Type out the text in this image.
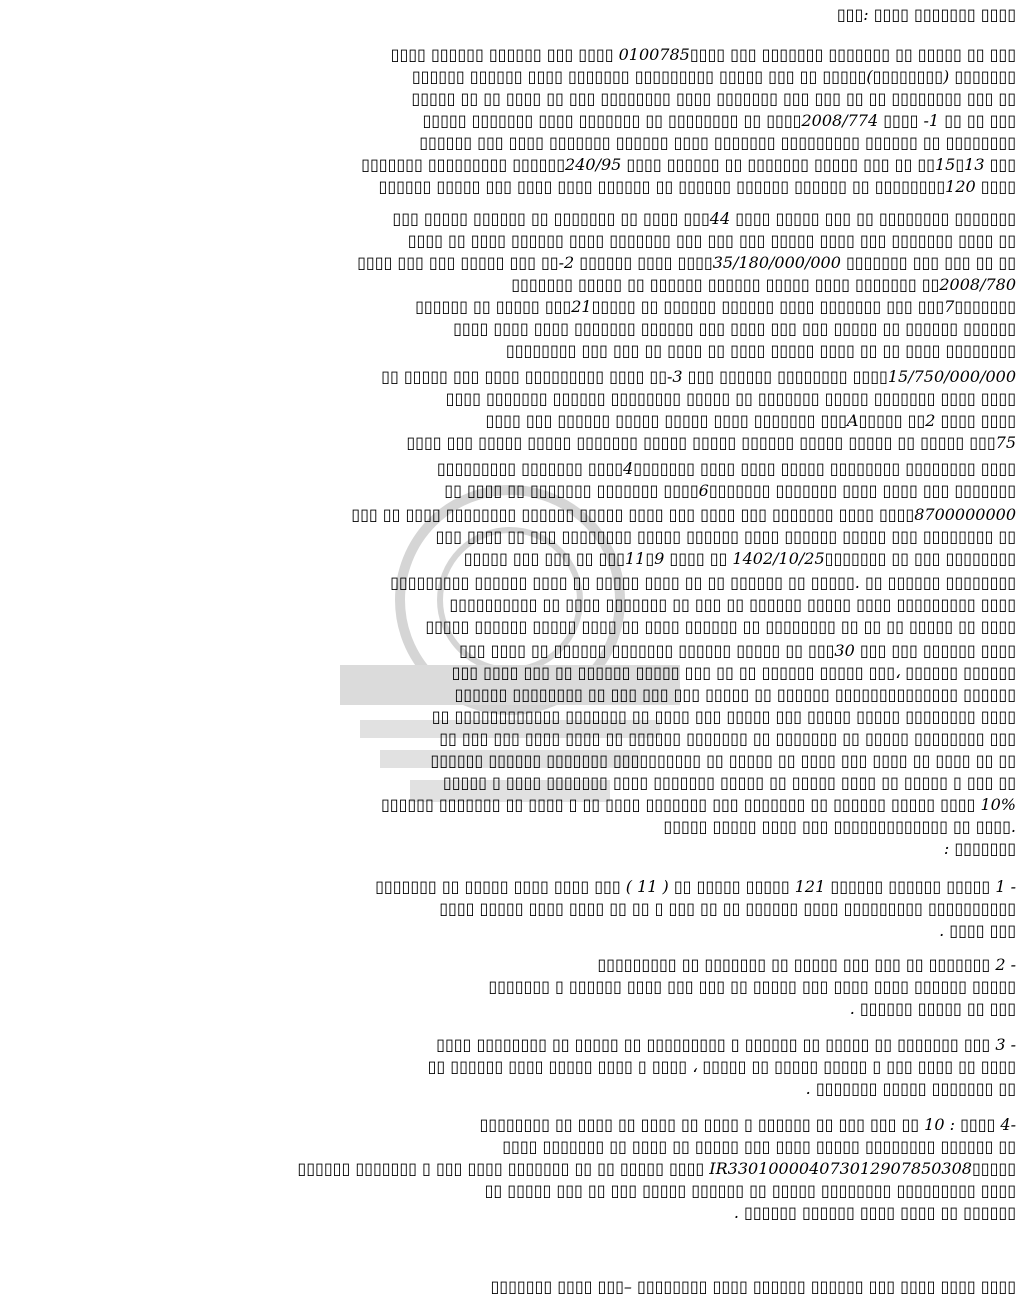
▯▯▯: ▯▯▯▯ ▯▯▯▯▯▯▯ ▯▯▯▯
▯▯▯▯ ▯▯▯▯▯▯ ▯▯▯▯▯▯ ▯▯▯ ▯▯▯▯ 0100785▯▯▯▯ ▯▯▯ ▯▯▯▯▯▯▯ ▯▯▯▯▯▯▯ ▯▯ ▯▯▯▯▯ ▯▯ ▯▯▯
▯▯▯▯▯▯ ▯▯▯▯▯▯ ▯▯▯▯ ▯▯▯▯▯▯▯ ▯▯▯▯▯▯▯▯▯ ▯▯▯▯▯ ▯▯▯ ▯▯ ▯▯▯▯▯(▯▯▯▯▯▯▯▯) ▯▯▯▯▯▯▯
▯▯▯▯▯ ▯▯ ▯▯ ▯▯▯▯ ▯▯ ▯▯▯ ▯▯▯▯▯▯▯▯ ▯▯▯▯ ▯▯▯▯▯▯▯ ▯▯▯ ▯▯▯ ▯▯ ▯▯ ▯▯▯▯▯▯▯▯ ▯▯▯ ▯▯
▯▯▯▯▯ ▯▯▯▯▯▯▯ ▯▯▯▯ ▯▯▯▯▯▯▯ ▯▯ ▯▯▯▯▯▯▯▯ ▯▯ ▯▯▯▯2008/774 ▯▯▯▯ -1 ▯▯ ▯▯ ▯▯▯
▯▯▯▯▯▯ ▯▯▯ ▯▯▯▯ ▯▯▯▯▯▯▯ ▯▯▯▯▯▯ ▯▯▯▯ ▯▯▯▯▯▯▯ ▯▯▯▯▯▯▯▯▯ ▯▯▯▯▯▯ ▯▯ ▯▯▯▯▯▯▯▯
▯▯▯▯▯▯▯ ▯▯▯▯▯▯▯▯▯ ▯▯▯▯▯▯240/95 ▯▯▯▯ ▯▯▯▯▯▯ ▯▯ ▯▯▯▯▯▯▯ ▯▯▯▯▯ ▯▯▯ ▯▯ ▯▯15▯13 ▯▯▯
▯▯▯▯▯▯ ▯▯▯▯▯ ▯▯▯ ▯▯▯▯ ▯▯▯▯ ▯▯▯▯▯▯ ▯▯ ▯▯▯▯▯▯ ▯▯▯▯▯▯ ▯▯▯▯▯▯ ▯▯ ▯▯▯▯▯▯▯▯120 ▯▯▯▯
▯▯▯ ▯▯▯▯▯ ▯▯▯▯▯▯ ▯▯ ▯▯▯▯▯▯▯ ▯▯ ▯▯▯▯ ▯▯▯44 ▯▯▯▯ ▯▯▯▯▯ ▯▯▯ ▯▯ ▯▯▯▯▯▯▯▯ ▯▯▯▯▯▯▯
▯▯▯▯ ▯▯ ▯▯▯▯ ▯▯▯▯▯▯ ▯▯▯▯ ▯▯▯▯▯▯▯ ▯▯▯ ▯▯▯ ▯▯▯ ▯▯▯▯▯ ▯▯▯▯ ▯▯▯ ▯▯▯▯▯▯▯ ▯▯▯▯ ▯▯
▯▯▯▯ ▯▯▯ ▯▯▯ ▯▯▯▯▯ ▯▯▯ ▯▯-2 ▯▯▯▯▯▯ ▯▯▯▯ ▯▯▯▯35/180/000/000 ▯▯▯▯▯▯▯ ▯▯▯ ▯▯▯ ▯▯ ▯▯
▯▯▯▯▯▯▯ ▯▯▯▯▯ ▯▯ ▯▯▯▯▯▯ ▯▯▯▯▯▯ ▯▯▯▯▯ ▯▯▯▯ ▯▯▯▯▯▯▯ ▯▯2008/780
▯▯▯▯▯▯ ▯▯ ▯▯▯▯▯ ▯▯▯21▯▯▯▯▯ ▯▯ ▯▯▯▯▯▯ ▯▯▯▯▯▯ ▯▯▯▯ ▯▯▯▯▯▯▯ ▯▯▯ ▯▯▯7▯▯▯▯▯▯▯
▯▯▯▯ ▯▯▯▯ ▯▯▯▯ ▯▯▯▯▯▯▯ ▯▯▯▯▯▯ ▯▯▯ ▯▯▯▯ ▯▯▯ ▯▯▯ ▯▯▯▯▯ ▯▯ ▯▯▯▯▯▯ ▯▯▯▯▯▯
▯▯▯▯▯▯▯▯ ▯▯▯ ▯▯▯ ▯▯ ▯▯▯▯ ▯▯ ▯▯▯▯ ▯▯▯▯▯ ▯▯▯▯ ▯▯ ▯▯ ▯▯▯▯ ▯▯▯▯▯▯▯▯
▯▯ ▯▯▯▯▯ ▯▯▯ ▯▯▯▯ ▯▯▯▯▯▯▯▯▯ ▯▯▯▯ ▯▯-3 ▯▯▯ ▯▯▯▯▯▯ ▯▯▯▯▯▯▯▯ ▯▯▯▯15/750/000/000
▯▯▯▯ ▯▯▯▯▯▯▯ ▯▯▯▯▯▯ ▯▯▯▯▯▯▯▯ ▯▯▯▯▯ ▯▯ ▯▯▯▯▯▯▯ ▯▯▯▯▯ ▯▯▯▯▯▯▯ ▯▯▯▯ ▯▯▯▯
▯▯▯▯ ▯▯▯ ▯▯▯▯▯▯ ▯▯▯▯▯ ▯▯▯▯▯ ▯▯▯▯ ▯▯▯▯▯▯▯ ▯▯▯A▯▯▯▯▯ ▯▯2 ▯▯▯▯ ▯▯▯▯
▯▯▯▯ ▯▯▯ ▯▯▯▯▯ ▯▯▯▯▯ ▯▯▯▯▯▯▯ ▯▯▯▯▯ ▯▯▯▯▯ ▯▯▯▯▯▯ ▯▯▯▯▯ ▯▯▯▯▯ ▯▯ ▯▯▯▯▯ ▯▯▯75
▯▯▯▯▯▯▯▯▯ ▯▯▯▯▯▯▯ ▯▯▯▯4▯▯▯▯▯▯▯ ▯▯▯▯ ▯▯▯▯ ▯▯▯▯▯ ▯▯▯▯▯▯▯▯ ▯▯▯▯▯▯▯▯ ▯▯▯▯
▯▯ ▯▯▯▯ ▯▯ ▯▯▯▯▯▯▯ ▯▯▯▯▯▯▯ ▯▯▯▯6▯▯▯▯▯▯▯ ▯▯▯▯▯▯▯ ▯▯▯▯ ▯▯▯▯ ▯▯▯ ▯▯▯▯▯▯▯
▯▯▯ ▯▯ ▯▯▯▯ ▯▯▯▯▯▯▯▯ ▯▯▯▯▯▯ ▯▯▯▯▯ ▯▯▯▯ ▯▯▯ ▯▯▯▯ ▯▯▯ ▯▯▯▯▯▯▯ ▯▯▯▯ ▯▯▯▯8700000000
▯▯▯ ▯▯▯▯ ▯▯ ▯▯▯ ▯▯▯▯▯▯▯▯ ▯▯▯▯▯ ▯▯▯▯▯▯ ▯▯▯▯ ▯▯▯▯▯▯ ▯▯▯▯▯ ▯▯▯ ▯▯▯▯▯▯▯▯ ▯▯
▯▯▯▯▯ ▯▯▯ ▯▯▯ ▯▯ ▯▯▯11▯9 ▯▯▯▯ ▯▯ 1402/10/25▯▯▯▯▯▯▯ ▯▯ ▯▯▯ ▯▯▯▯▯▯▯▯
▯▯▯▯▯▯▯▯▯ ▯▯▯▯▯▯ ▯▯▯▯ ▯▯ ▯▯▯▯▯ ▯▯▯▯ ▯▯ ▯▯ ▯▯▯▯▯▯ ▯▯ ▯▯▯▯▯. ▯▯ ▯▯▯▯▯▯ ▯▯▯▯▯▯▯▯
▯▯▯▯▯▯▯▯▯▯ ▯▯ ▯▯▯▯ ▯▯▯▯▯▯▯ ▯▯ ▯▯▯ ▯▯ ▯▯▯▯▯▯ ▯▯▯▯▯ ▯▯▯▯ ▯▯▯▯▯▯▯▯▯ ▯▯▯▯
▯▯▯▯▯ ▯▯▯▯▯▯ ▯▯▯▯▯ ▯▯▯▯ ▯▯ ▯▯▯▯ ▯▯▯▯▯▯ ▯▯ ▯▯▯▯▯▯▯▯ ▯▯ ▯▯ ▯▯ ▯▯▯▯▯ ▯▯ ▯▯▯▯
▯▯▯ ▯▯▯▯ ▯▯ ▯▯▯▯▯▯ ▯▯▯▯▯▯▯ ▯▯▯▯▯▯ ▯▯▯▯▯ ▯▯ ▯▯▯30 ▯▯▯ ▯▯▯ ▯▯▯▯▯▯ ▯▯▯▯
▯▯▯ ▯▯▯▯ ▯▯▯ ▯▯ ▯▯▯▯▯▯ ▯▯▯▯▯ ▯▯▯ ▯▯ ▯▯ ▯▯▯▯▯▯ ▯▯▯▯▯ ▯▯▯، ▯▯▯▯▯▯ ▯▯▯▯▯▯
▯▯▯▯▯▯ ▯▯▯▯▯▯▯▯ ▯▯ ▯▯▯ ▯▯▯ ▯▯▯ ▯▯▯▯▯ ▯▯ ▯▯▯▯▯▯ ▯▯▯▯▯▯▯▯▯▯▯▯▯▯ ▯▯▯▯▯▯
▯▯ ▯▯▯▯▯▯▯▯▯▯▯▯ ▯▯▯▯▯▯▯ ▯▯ ▯▯▯▯ ▯▯▯ ▯▯▯▯▯ ▯▯▯ ▯▯▯▯▯ ▯▯▯▯▯ ▯▯▯▯▯▯▯▯ ▯▯▯▯
▯▯ ▯▯▯ ▯▯▯ ▯▯▯▯ ▯▯▯▯ ▯▯ ▯▯▯▯▯▯ ▯▯▯▯▯▯▯ ▯▯ ▯▯▯▯▯▯▯ ▯▯ ▯▯▯▯▯ ▯▯▯▯▯▯▯▯ ▯▯▯
▯▯▯▯▯▯ ▯▯▯▯▯▯ ▯▯▯▯▯▯▯ ▯▯▯▯▯▯▯▯▯▯ ▯▯ ▯▯▯▯▯ ▯▯ ▯▯▯▯ ▯▯▯ ▯▯▯▯ ▯▯ ▯▯▯▯ ▯▯ ▯▯
▯▯▯▯▯ ▯ ▯▯▯▯ ▯▯▯▯▯▯▯ ▯▯▯▯ ▯▯▯▯▯▯▯ ▯▯▯▯▯ ▯▯ ▯▯▯▯▯ ▯▯▯▯ ▯▯ ▯▯▯▯▯ ▯ ▯▯▯ ▯▯
▯▯▯▯▯▯ ▯▯▯▯▯▯▯ ▯▯ ▯▯▯▯ ▯ ▯▯ ▯▯▯▯ ▯▯▯▯▯▯▯ ▯▯▯ ▯▯▯▯▯▯▯ ▯▯ ▯▯▯▯▯▯ ▯▯▯▯▯ ▯▯▯▯ 10%
▯▯▯▯▯ ▯▯▯▯▯ ▯▯▯▯ ▯▯▯ ▯▯▯▯▯▯▯▯▯▯▯▯▯ ▯▯ ▯▯▯▯.
: ▯▯▯▯▯▯▯
▯▯▯▯▯▯▯ ▯▯ ▯▯▯▯▯ ▯▯▯▯ ▯▯▯▯ ▯▯▯ ( 11 ) ▯▯ ▯▯▯▯▯ ▯▯▯▯▯ 121 ▯▯▯▯▯▯ ▯▯▯▯▯▯ ▯▯▯▯▯ 1 -
▯▯▯▯ ▯▯▯▯▯ ▯▯▯▯ ▯▯▯▯ ▯▯ ▯▯ ▯ ▯▯▯ ▯▯ ▯▯ ▯▯▯▯▯▯ ▯▯▯▯ ▯▯▯▯▯▯▯▯▯ ▯▯▯▯▯▯▯▯▯▯
. ▯▯▯▯ ▯▯▯
▯▯▯▯▯▯▯▯▯ ▯▯ ▯▯▯▯▯▯▯ ▯▯ ▯▯▯▯▯ ▯▯▯ ▯▯▯ ▯▯ ▯▯▯▯▯▯▯ 2 -
▯▯▯▯▯▯▯ ▯ ▯▯▯▯▯▯ ▯▯▯▯ ▯▯▯ ▯▯▯ ▯▯ ▯▯▯▯▯ ▯▯▯ ▯▯▯▯ ▯▯▯▯ ▯▯▯▯▯▯ ▯▯▯▯▯
. ▯▯▯▯▯▯ ▯▯▯▯▯ ▯▯ ▯▯▯
▯▯▯▯ ▯▯▯▯▯▯▯▯ ▯▯ ▯▯▯▯▯ ▯▯ ▯▯▯▯▯▯▯▯▯ ▯ ▯▯▯▯▯▯ ▯▯ ▯▯▯▯▯ ▯▯ ▯▯▯▯▯▯▯ ▯▯▯ 3 -
▯▯ ▯▯▯▯▯▯ ▯▯▯▯ ▯▯▯▯▯ ▯▯▯▯ ▯ ▯▯▯▯ ، ▯▯▯▯▯ ▯▯ ▯▯▯▯▯ ▯▯▯▯▯ ▯ ▯▯▯ ▯▯▯▯ ▯▯ ▯▯▯▯
. ▯▯▯▯▯▯▯ ▯▯▯▯▯ ▯▯▯▯▯▯▯ ▯▯
▯▯▯▯▯▯▯▯ ▯▯ ▯▯▯▯ ▯▯ ▯▯▯▯ ▯▯ ▯▯▯▯ ▯ ▯▯▯▯▯▯ ▯▯ ▯▯▯ ▯▯▯ ▯▯ 10 : ▯▯▯▯ 4-
▯▯▯▯ ▯▯▯▯▯▯▯ ▯▯ ▯▯▯▯ ▯▯ ▯▯▯▯▯ ▯▯▯ ▯▯▯▯ ▯▯▯▯▯ ▯▯▯▯▯▯▯▯ ▯▯▯▯▯▯ ▯▯
▯▯▯▯▯▯ ▯▯▯▯▯▯▯ ▯ ▯▯▯ ▯▯▯▯ ▯▯▯▯▯▯▯ ▯▯ ▯▯ ▯▯▯▯▯ ▯▯▯▯ IR330100004073012907850308▯▯▯▯▯
▯▯ ▯▯▯▯▯ ▯▯▯ ▯▯ ▯▯▯ ▯▯▯▯▯ ▯▯▯▯▯▯ ▯▯ ▯▯▯▯▯ ▯▯▯▯▯▯▯▯ ▯▯▯▯▯▯▯▯▯ ▯▯▯▯
. ▯▯▯▯▯▯ ▯▯▯▯▯▯ ▯▯▯▯ ▯▯▯▯ ▯▯ ▯▯▯▯▯▯
▯▯▯▯▯▯▯ ▯▯▯▯ ▯▯▯– ▯▯▯▯▯▯▯▯ ▯▯▯▯ ▯▯▯▯▯▯ ▯▯▯▯▯▯ ▯▯▯ ▯▯▯▯ ▯▯▯▯ ▯▯▯▯
